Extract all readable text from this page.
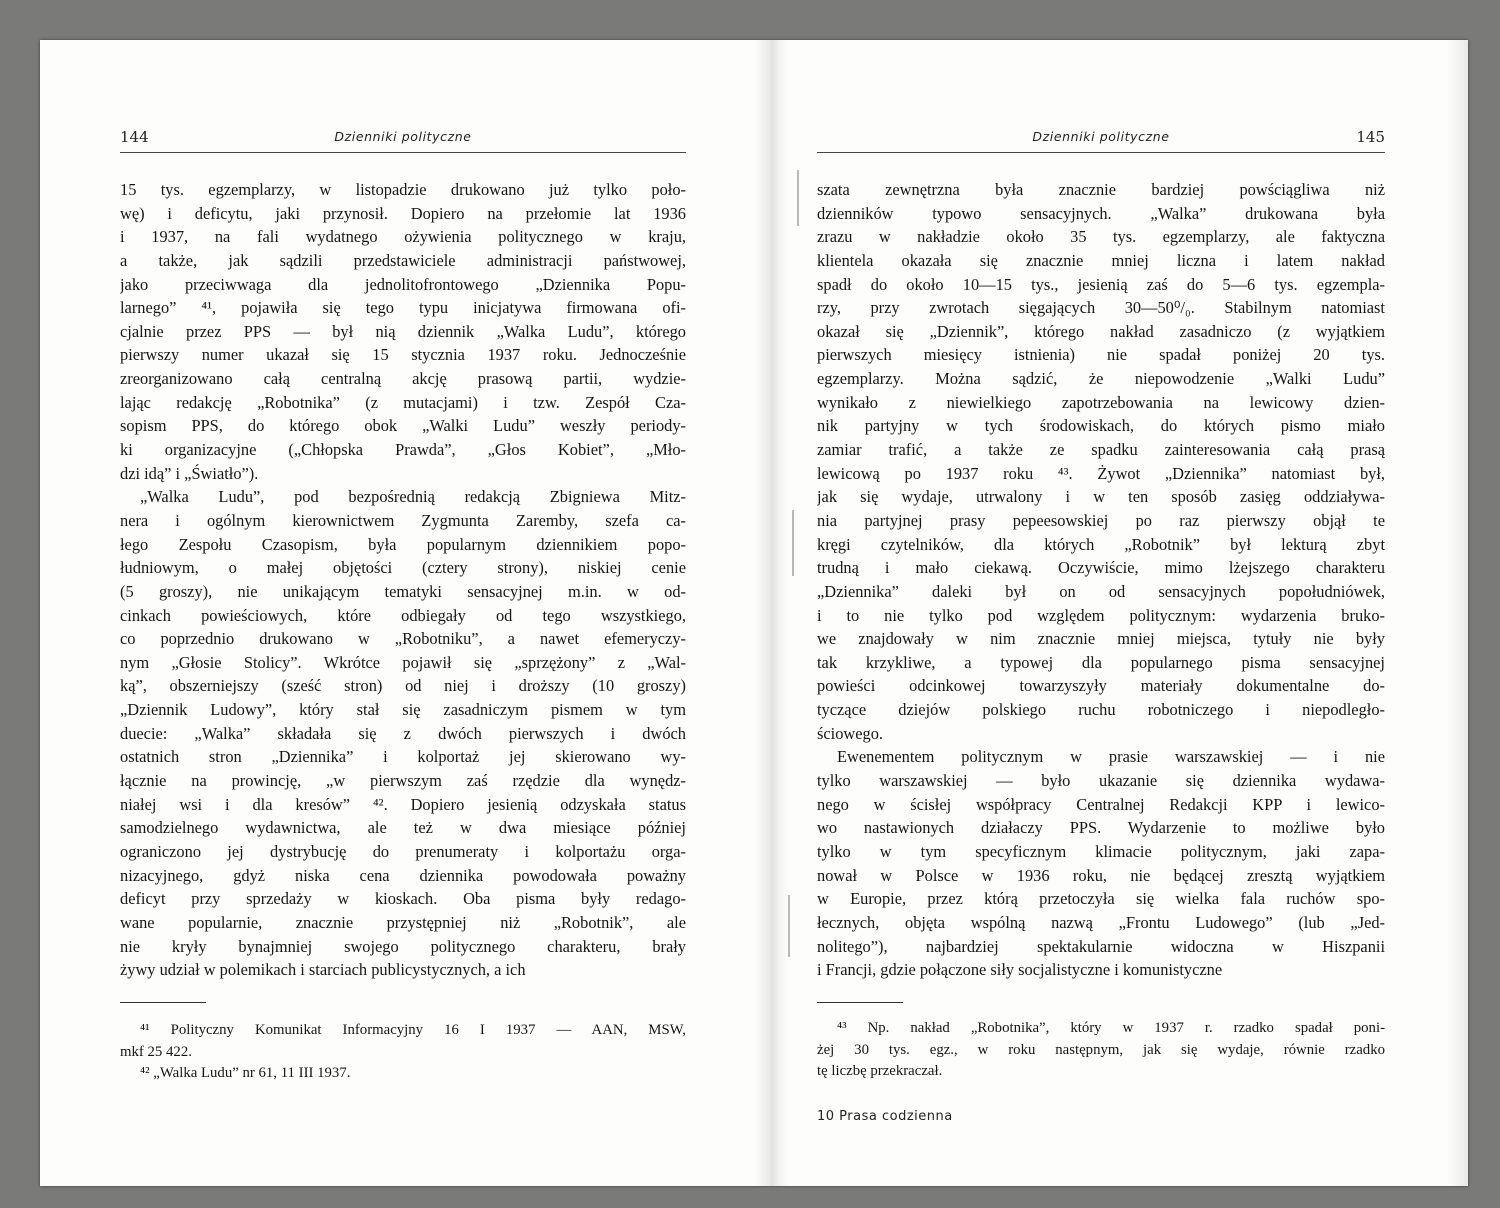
144	Dzienniki polityczne
15 tys. egzemplarzy, w listopadzie drukowano już tylko poło-
wę) i deficytu, jaki przynosił. Dopiero na przełomie lat 1936
i 1937, na fali wydatnego ożywienia politycznego w kraju,
a także, jak sądzili przedstawiciele administracji państwowej,
jako przeciwwaga dla jednolitofrontowego „Dziennika Popu-
larnego” ⁴¹, pojawiła się tego typu inicjatywa firmowana ofi-
cjalnie przez PPS — był nią dziennik „Walka Ludu”, którego
pierwszy numer ukazał się 15 stycznia 1937 roku. Jednocześnie
zreorganizowano całą centralną akcję prasową partii, wydzie-
lając redakcję „Robotnika” (z mutacjami) i tzw. Zespół Cza-
sopism PPS, do którego obok „Walki Ludu” weszły periody-
ki organizacyjne („Chłopska Prawda”, „Głos Kobiet”, „Mło-
dzi idą” i „Światło”).
„Walka Ludu”, pod bezpośrednią redakcją Zbigniewa Mitz-
nera i ogólnym kierownictwem Zygmunta Zaremby, szefa ca-
łego Zespołu Czasopism, była popularnym dziennikiem popo-
łudniowym, o małej objętości (cztery strony), niskiej cenie
(5 groszy), nie unikającym tematyki sensacyjnej m.in. w od-
cinkach powieściowych, które odbiegały od tego wszystkiego,
co poprzednio drukowano w „Robotniku”, a nawet efemeryczy-
nym „Głosie Stolicy”. Wkrótce pojawił się „sprzężony” z „Wal-
ką”, obszerniejszy (sześć stron) od niej i droższy (10 groszy)
„Dziennik Ludowy”, który stał się zasadniczym pismem w tym
duecie: „Walka” składała się z dwóch pierwszych i dwóch
ostatnich stron „Dziennika” i kolportaż jej skierowano wy-
łącznie na prowincję, „w pierwszym zaś rzędzie dla wynędz-
niałej wsi i dla kresów” ⁴². Dopiero jesienią odzyskała status
samodzielnego wydawnictwa, ale też w dwa miesiące później
ograniczono jej dystrybucję do prenumeraty i kolportażu orga-
nizacyjnego, gdyż niska cena dziennika powodowała poważny
deficyt przy sprzedaży w kioskach. Oba pisma były redago-
wane popularnie, znacznie przystępniej niż „Robotnik”, ale
nie kryły bynajmniej swojego politycznego charakteru, brały
żywy udział w polemikach i starciach publicystycznych, a ich
⁴¹ Polityczny Komunikat Informacyjny 16 I 1937 — AAN, MSW,
mkf 25 422.
⁴² „Walka Ludu” nr 61, 11 III 1937.
Dzienniki polityczne	145
szata zewnętrzna była znacznie bardziej powściągliwa niż
dzienników typowo sensacyjnych. „Walka” drukowana była
zrazu w nakładzie około 35 tys. egzemplarzy, ale faktyczna
klientela okazała się znacznie mniej liczna i latem nakład
spadł do około 10—15 tys., jesienią zaś do 5—6 tys. egzempla-
rzy, przy zwrotach sięgających 30—50⁰/₀. Stabilnym natomiast
okazał się „Dziennik”, którego nakład zasadniczo (z wyjątkiem
pierwszych miesięcy istnienia) nie spadał poniżej 20 tys.
egzemplarzy. Można sądzić, że niepowodzenie „Walki Ludu”
wynikało z niewielkiego zapotrzebowania na lewicowy dzien-
nik partyjny w tych środowiskach, do których pismo miało
zamiar trafić, a także ze spadku zainteresowania całą prasą
lewicową po 1937 roku ⁴³. Żywot „Dziennika” natomiast był,
jak się wydaje, utrwalony i w ten sposób zasięg oddziaływa-
nia partyjnej prasy pepeesowskiej po raz pierwszy objął te
kręgi czytelników, dla których „Robotnik” był lekturą zbyt
trudną i mało ciekawą. Oczywiście, mimo lżejszego charakteru
„Dziennika” daleki był on od sensacyjnych popołudniówek,
i to nie tylko pod względem politycznym: wydarzenia bruko-
we znajdowały w nim znacznie mniej miejsca, tytuły nie były
tak krzykliwe, a typowej dla popularnego pisma sensacyjnej
powieści odcinkowej towarzyszyły materiały dokumentalne do-
tyczące dziejów polskiego ruchu robotniczego i niepodległo-
ściowego.
Ewenementem politycznym w prasie warszawskiej — i nie
tylko warszawskiej — było ukazanie się dziennika wydawa-
nego w ścisłej współpracy Centralnej Redakcji KPP i lewico-
wo nastawionych działaczy PPS. Wydarzenie to możliwe było
tylko w tym specyficznym klimacie politycznym, jaki zapa-
nował w Polsce w 1936 roku, nie będącej zresztą wyjątkiem
w Europie, przez którą przetoczyła się wielka fala ruchów spo-
łecznych, objęta wspólną nazwą „Frontu Ludowego” (lub „Jed-
nolitego”), najbardziej spektakularnie widoczna w Hiszpanii
i Francji, gdzie połączone siły socjalistyczne i komunistyczne
⁴³ Np. nakład „Robotnika”, który w 1937 r. rzadko spadał poni-
żej 30 tys. egz., w roku następnym, jak się wydaje, równie rzadko
tę liczbę przekraczał.
10 Prasa codzienna
